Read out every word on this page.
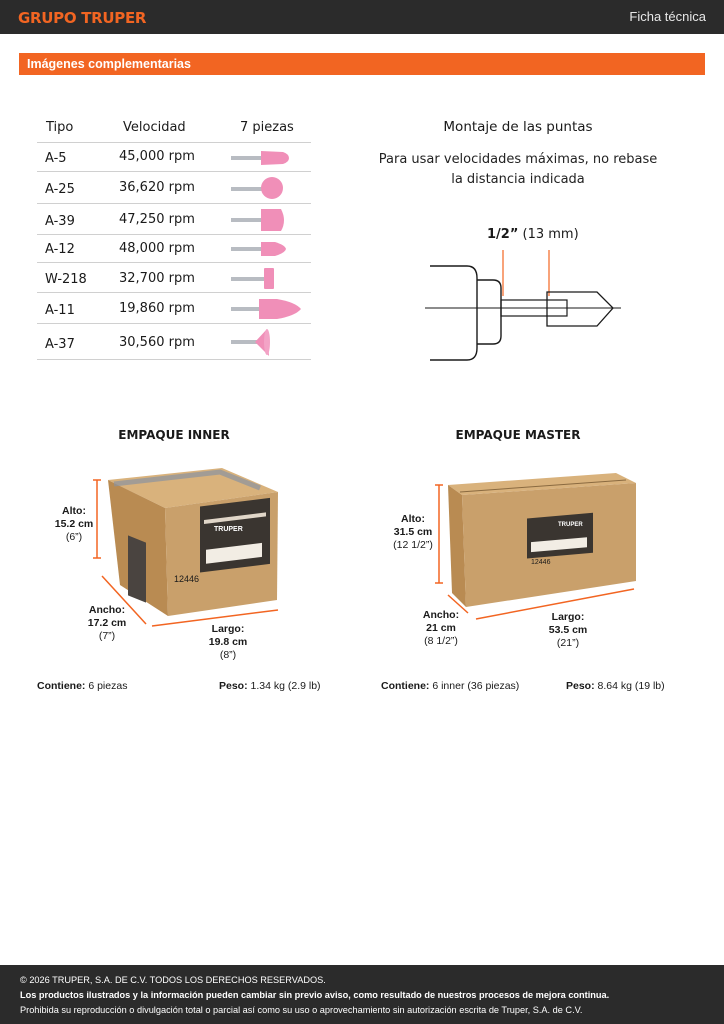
GRUPO TRUPER	Ficha técnica
Imágenes complementarias
Tipo	Velocidad	7 piezas
A-5	45,000 rpm
A-25	36,620 rpm
A-39	47,250 rpm
A-12	48,000 rpm
W-218 32,700 rpm
A-11	19,860 rpm
A-37	30,560 rpm
Montaje de las puntas
Para usar velocidades máximas, no rebase
la distancia indicada
1/2” (13 mm)
EMPAQUE INNER
12446
TRUPER
Alto:
15.2 cm
(6”)
Ancho:
17.2 cm
(7”)
Largo:
19.8 cm
(8”)
Contiene: 6 piezas	Peso: 1.34 kg (2.9 lb)
EMPAQUE MASTER
12446
TRUPER
Alto:
31.5 cm
(12 1/2”)
Ancho:
21 cm
(8 1/2”)
Largo:
53.5 cm
(21”)
Contiene: 6 inner (36 piezas)	Peso: 8.64 kg (19 lb)
© 2026 TRUPER, S.A. DE C.V. TODOS LOS DERECHOS RESERVADOS.
Los productos ilustrados y la información pueden cambiar sin previo aviso, como resultado de nuestros procesos de mejora continua.
Prohibida su reproducción o divulgación total o parcial así como su uso o aprovechamiento sin autorización escrita de Truper, S.A. de C.V.
